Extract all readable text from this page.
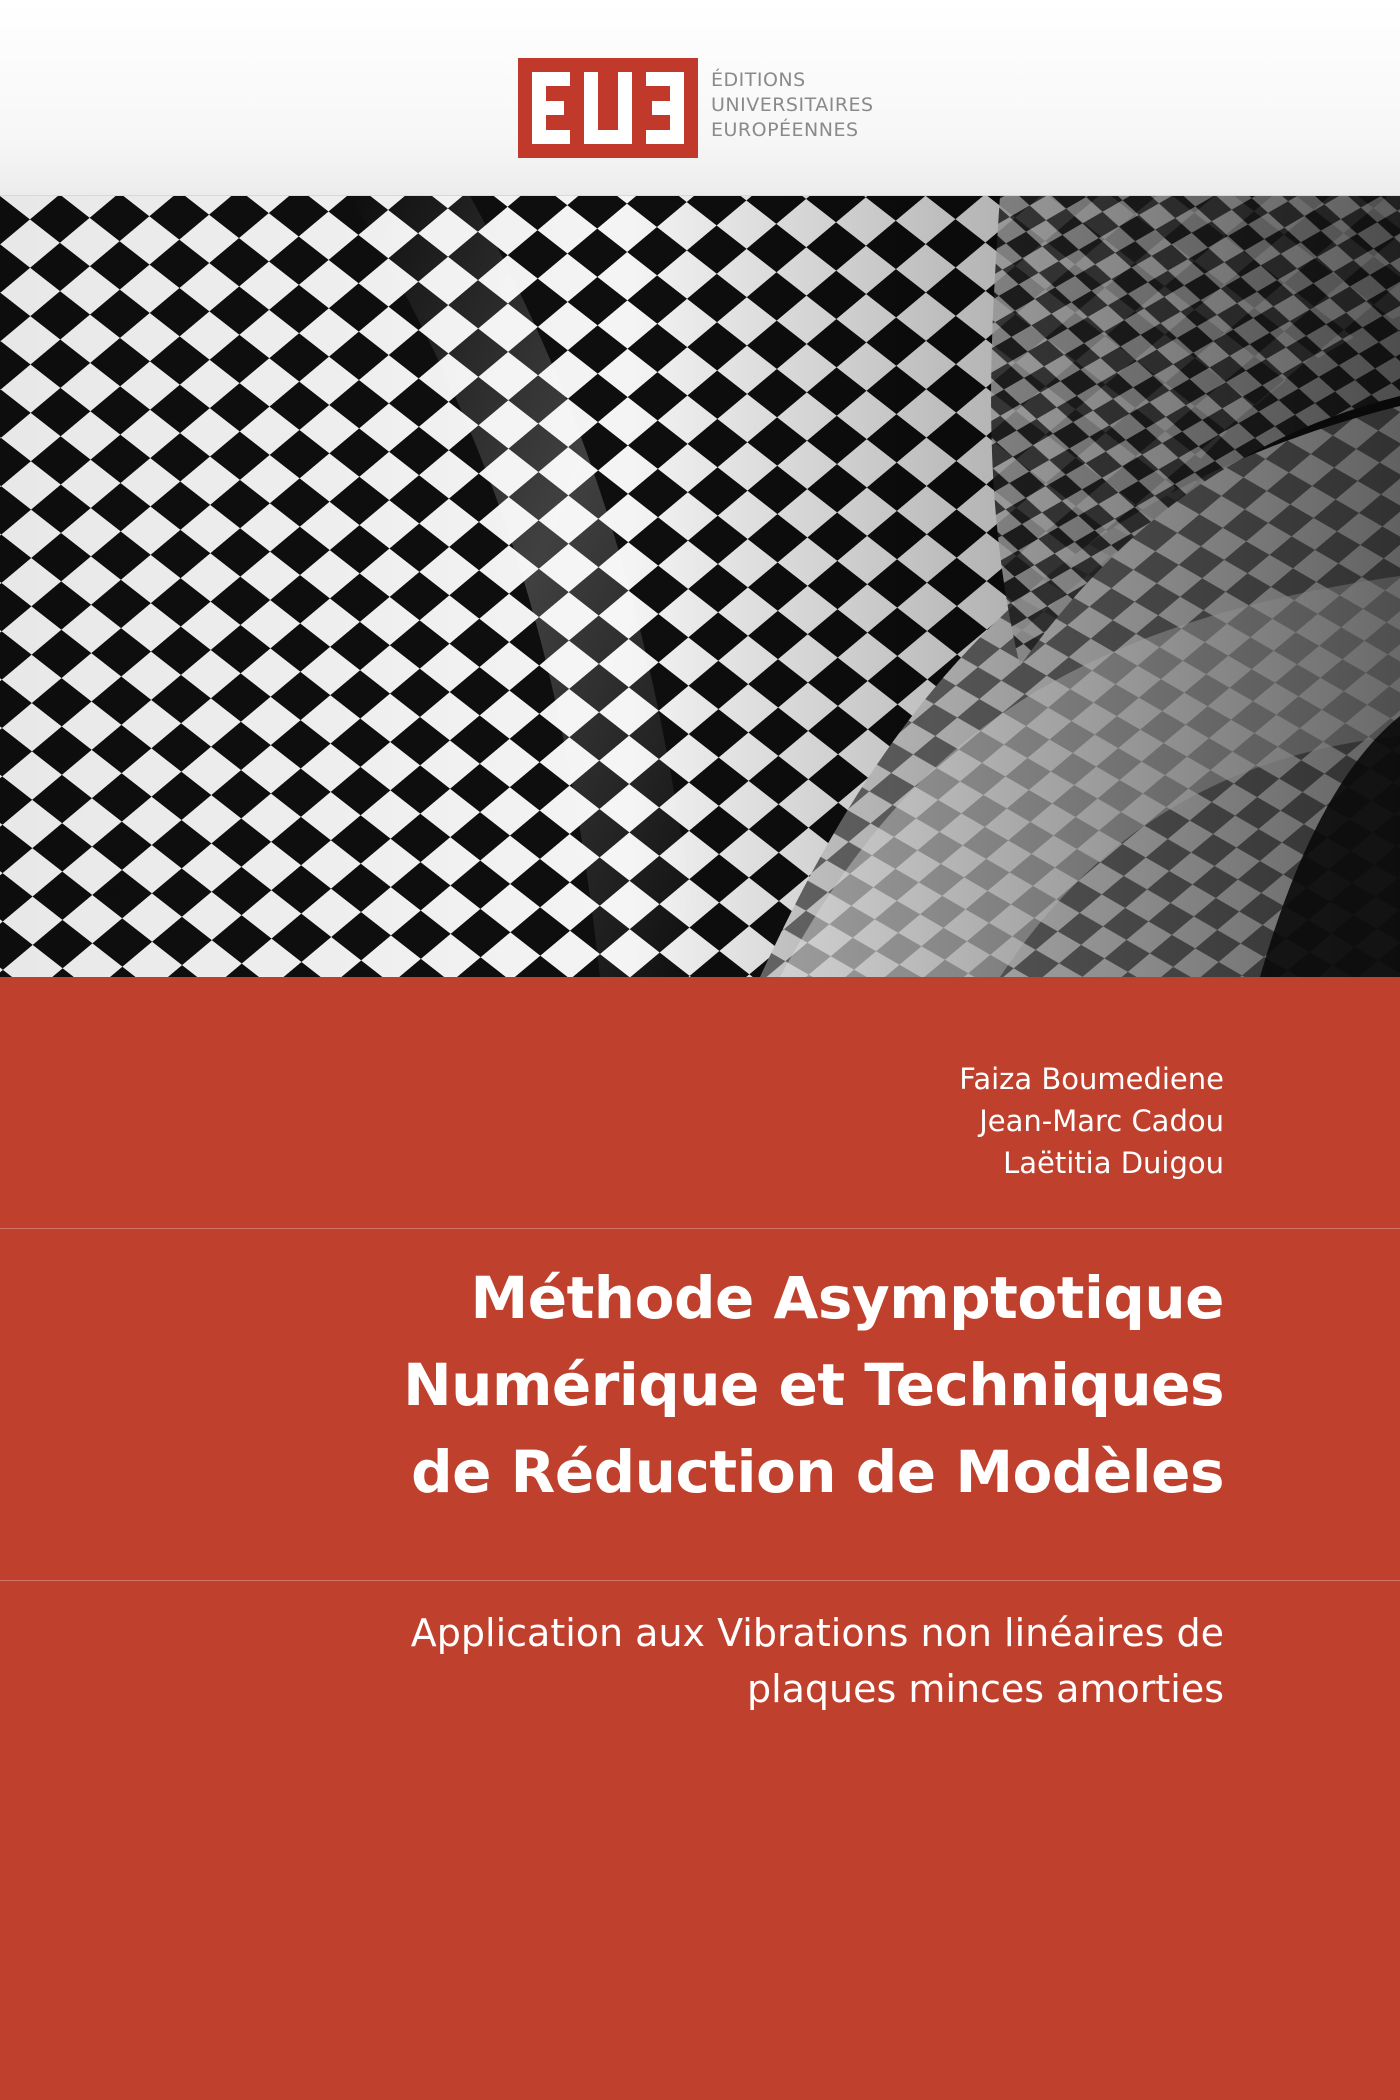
ÉDITIONS
UNIVERSITAIRES
EUROPÉENNES
Faiza Boumediene
Jean-Marc Cadou
Laëtitia Duigou
Méthode Asymptotique
Numérique et Techniques
de Réduction de Modèles
Application aux Vibrations non linéaires de
plaques minces amorties
